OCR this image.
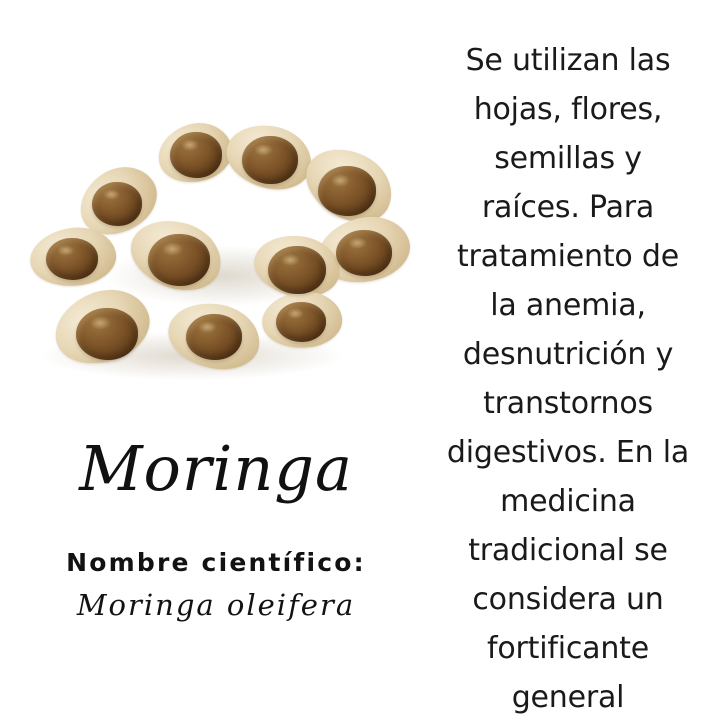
Moringa
Nombre científico:
Moringa oleifera
Se utilizan las hojas, flores, semillas y raíces. Para tratamiento de la anemia, desnutrición y transtornos digestivos. En la medicina tradicional se considera un fortificante general
